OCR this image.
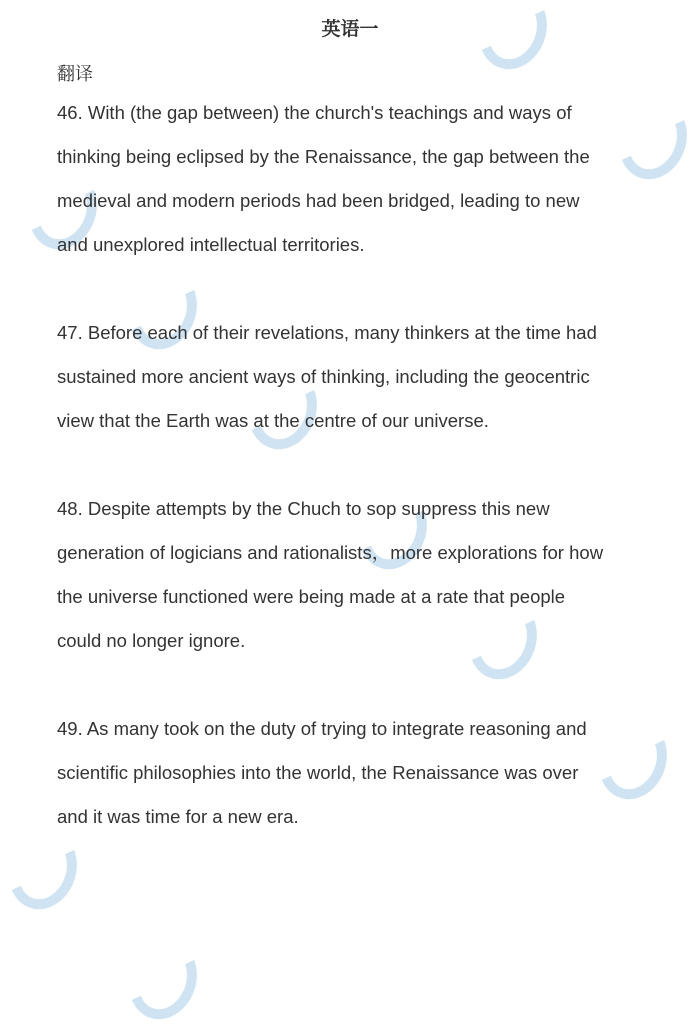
英语一
翻译
46. With (the gap between) the church's teachings and ways of
thinking being eclipsed by the Renaissance, the gap between the
medieval and modern periods had been bridged, leading to new
and unexplored intellectual territories.
47. Before each of their revelations, many thinkers at the time had
sustained more ancient ways of thinking, including the geocentric
view that the Earth was at the centre of our universe.
48. Despite attempts by the Chuch to sop suppress this new
generation of logicians and rationalists，more explorations for how
the universe functioned were being made at a rate that people
could no longer ignore.
49. As many took on the duty of trying to integrate reasoning and
scientific philosophies into the world, the Renaissance was over
and it was time for a new era.
